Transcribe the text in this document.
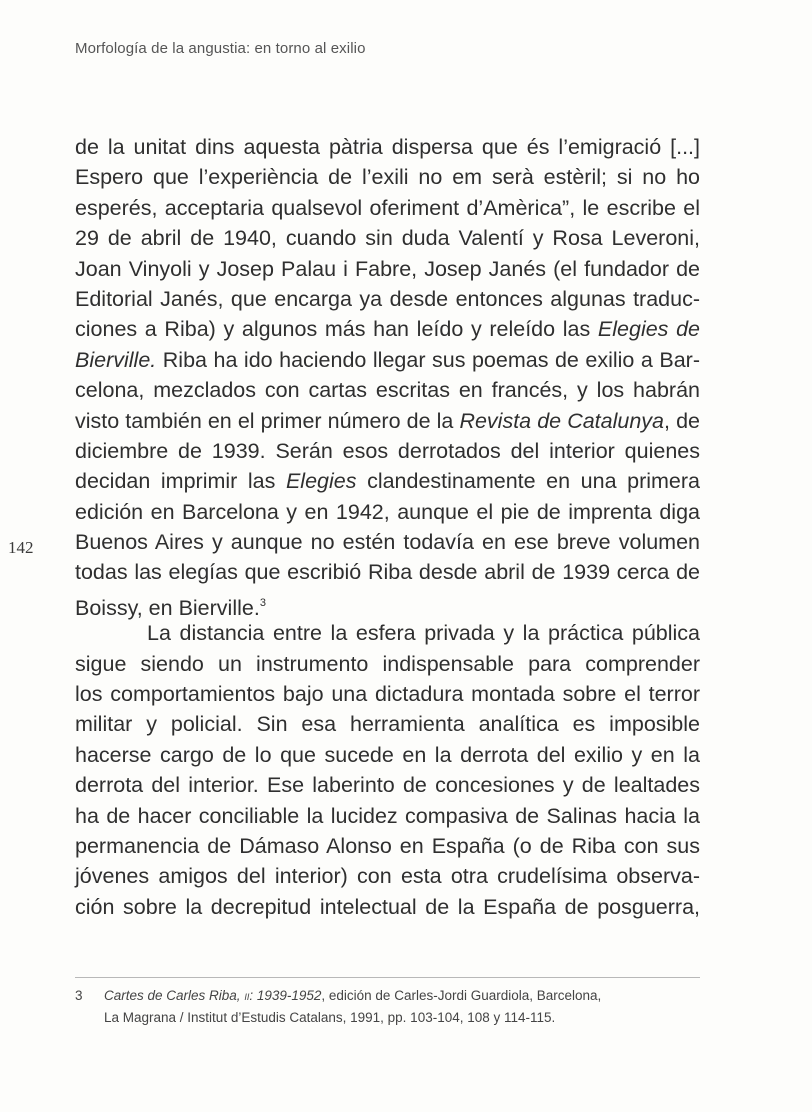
Morfología de la angustia: en torno al exilio
142
de la unitat dins aquesta pàtria dispersa que és l’emigració [...]
Espero que l’experiència de l’exili no em serà estèril; si no ho
esperés, acceptaria qualsevol oferiment d’Amèrica”, le escribe el
29 de abril de 1940, cuando sin duda Valentí y Rosa Leveroni,
Joan Vinyoli y Josep Palau i Fabre, Josep Janés (el fundador de
Editorial Janés, que encarga ya desde entonces algunas traduc-
ciones a Riba) y algunos más han leído y releído las Elegies de
Bierville. Riba ha ido haciendo llegar sus poemas de exilio a Bar-
celona, mezclados con cartas escritas en francés, y los habrán
visto también en el primer número de la Revista de Catalunya, de
diciembre de 1939. Serán esos derrotados del interior quienes
decidan imprimir las Elegies clandestinamente en una primera
edición en Barcelona y en 1942, aunque el pie de imprenta diga
Buenos Aires y aunque no estén todavía en ese breve volumen
todas las elegías que escribió Riba desde abril de 1939 cerca de
Boissy, en Bierville.$^3$
La distancia entre la esfera privada y la práctica pública
sigue siendo un instrumento indispensable para comprender
los comportamientos bajo una dictadura montada sobre el terror
militar y policial. Sin esa herramienta analítica es imposible
hacerse cargo de lo que sucede en la derrota del exilio y en la
derrota del interior. Ese laberinto de concesiones y de lealtades
ha de hacer conciliable la lucidez compasiva de Salinas hacia la
permanencia de Dámaso Alonso en España (o de Riba con sus
jóvenes amigos del interior) con esta otra crudelísima observa-
ción sobre la decrepitud intelectual de la España de posguerra,
3 Cartes de Carles Riba, II: 1939-1952, edición de Carles-Jordi Guardiola, Barcelona,
La Magrana / Institut d’Estudis Catalans, 1991, pp. 103-104, 108 y 114-115.
